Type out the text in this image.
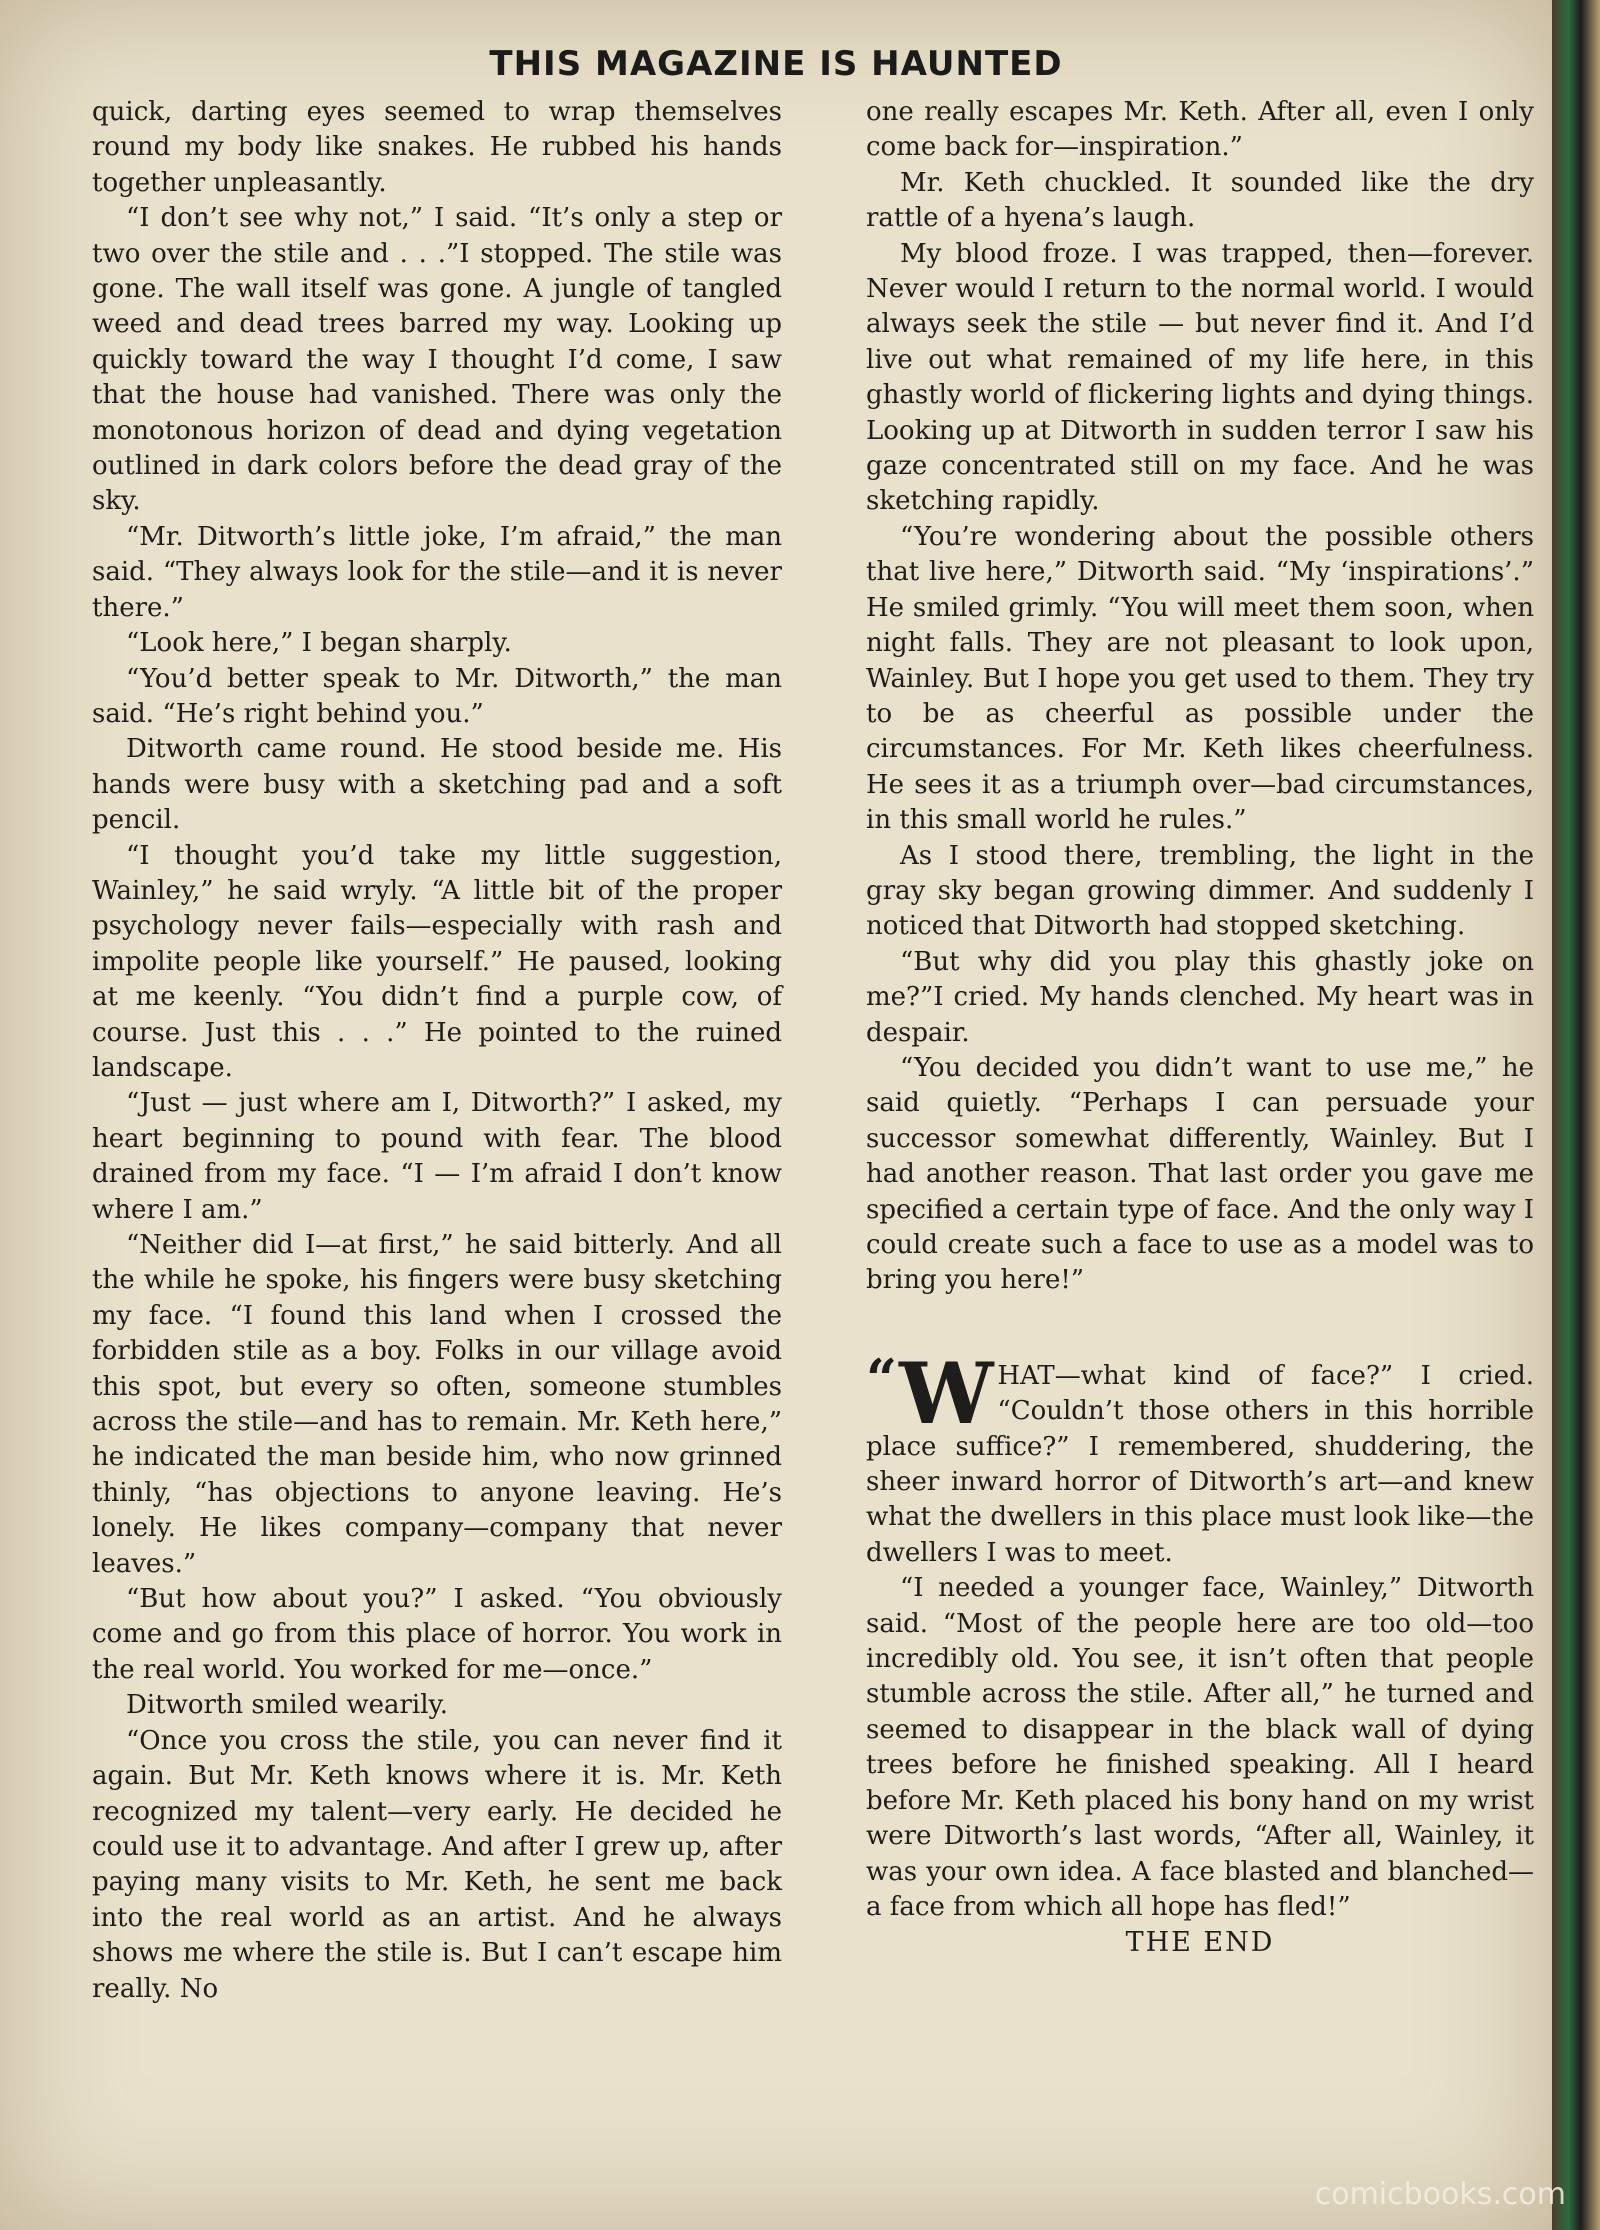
THIS MAGAZINE IS HAUNTED

quick, darting eyes seemed to wrap themselves round my body like snakes. He rubbed his hands together unpleasantly.

“I don’t see why not,” I said. “It’s only a step or two over the stile and . . .”I stopped. The stile was gone. The wall itself was gone. A jungle of tangled weed and dead trees barred my way. Looking up quickly toward the way I thought I’d come, I saw that the house had vanished. There was only the monotonous horizon of dead and dying vegetation outlined in dark colors before the dead gray of the sky.

“Mr. Ditworth’s little joke, I’m afraid,” the man said. “They always look for the stile—and it is never there.”

“Look here,” I began sharply.

“You’d better speak to Mr. Ditworth,” the man said. “He’s right behind you.”

Ditworth came round. He stood beside me. His hands were busy with a sketching pad and a soft pencil.

“I thought you’d take my little suggestion, Wainley,” he said wryly. “A little bit of the proper psychology never fails—especially with rash and impolite people like yourself.” He paused, looking at me keenly. “You didn’t find a purple cow, of course. Just this . . .” He pointed to the ruined landscape.

“Just — just where am I, Ditworth?” I asked, my heart beginning to pound with fear. The blood drained from my face. “I — I’m afraid I don’t know where I am.”

“Neither did I—at first,” he said bitterly. And all the while he spoke, his fingers were busy sketching my face. “I found this land when I crossed the forbidden stile as a boy. Folks in our village avoid this spot, but every so often, someone stumbles across the stile—and has to remain. Mr. Keth here,” he indicated the man beside him, who now grinned thinly, “has objections to anyone leaving. He’s lonely. He likes company—company that never leaves.”

“But how about you?” I asked. “You obviously come and go from this place of horror. You work in the real world. You worked for me—once.”

Ditworth smiled wearily.

“Once you cross the stile, you can never find it again. But Mr. Keth knows where it is. Mr. Keth recognized my talent—very early. He decided he could use it to advantage. And after I grew up, after paying many visits to Mr. Keth, he sent me back into the real world as an artist. And he always shows me where the stile is. But I can’t escape him really. No

one really escapes Mr. Keth. After all, even I only come back for—inspiration.”

Mr. Keth chuckled. It sounded like the dry rattle of a hyena’s laugh.

My blood froze. I was trapped, then—forever. Never would I return to the normal world. I would always seek the stile — but never find it. And I’d live out what remained of my life here, in this ghastly world of flickering lights and dying things. Looking up at Ditworth in sudden terror I saw his gaze concentrated still on my face. And he was sketching rapidly.

“You’re wondering about the possible others that live here,” Ditworth said. “My ‘inspirations’.” He smiled grimly. “You will meet them soon, when night falls. They are not pleasant to look upon, Wainley. But I hope you get used to them. They try to be as cheerful as possible under the circumstances. For Mr. Keth likes cheerfulness. He sees it as a triumph over—bad circumstances, in this small world he rules.”

As I stood there, trembling, the light in the gray sky began growing dimmer. And suddenly I noticed that Ditworth had stopped sketching.

“But why did you play this ghastly joke on me?”I cried. My hands clenched. My heart was in despair.

“You decided you didn’t want to use me,” he said quietly. “Perhaps I can persuade your successor somewhat differently, Wainley. But I had another reason. That last order you gave me specified a certain type of face. And the only way I could create such a face to use as a model was to bring you here!”

“ W HAT—what kind of face?” I cried. “Couldn’t those others in this horrible place suffice?” I remembered, shuddering, the sheer inward horror of Ditworth’s art—and knew what the dwellers in this place must look like—the dwellers I was to meet.

“I needed a younger face, Wainley,” Ditworth said. “Most of the people here are too old—too incredibly old. You see, it isn’t often that people stumble across the stile. After all,” he turned and seemed to disappear in the black wall of dying trees before he finished speaking. All I heard before Mr. Keth placed his bony hand on my wrist were Ditworth’s last words, “After all, Wainley, it was your own idea. A face blasted and blanched—a face from which all hope has fled!”

THE END

comicbooks.com
